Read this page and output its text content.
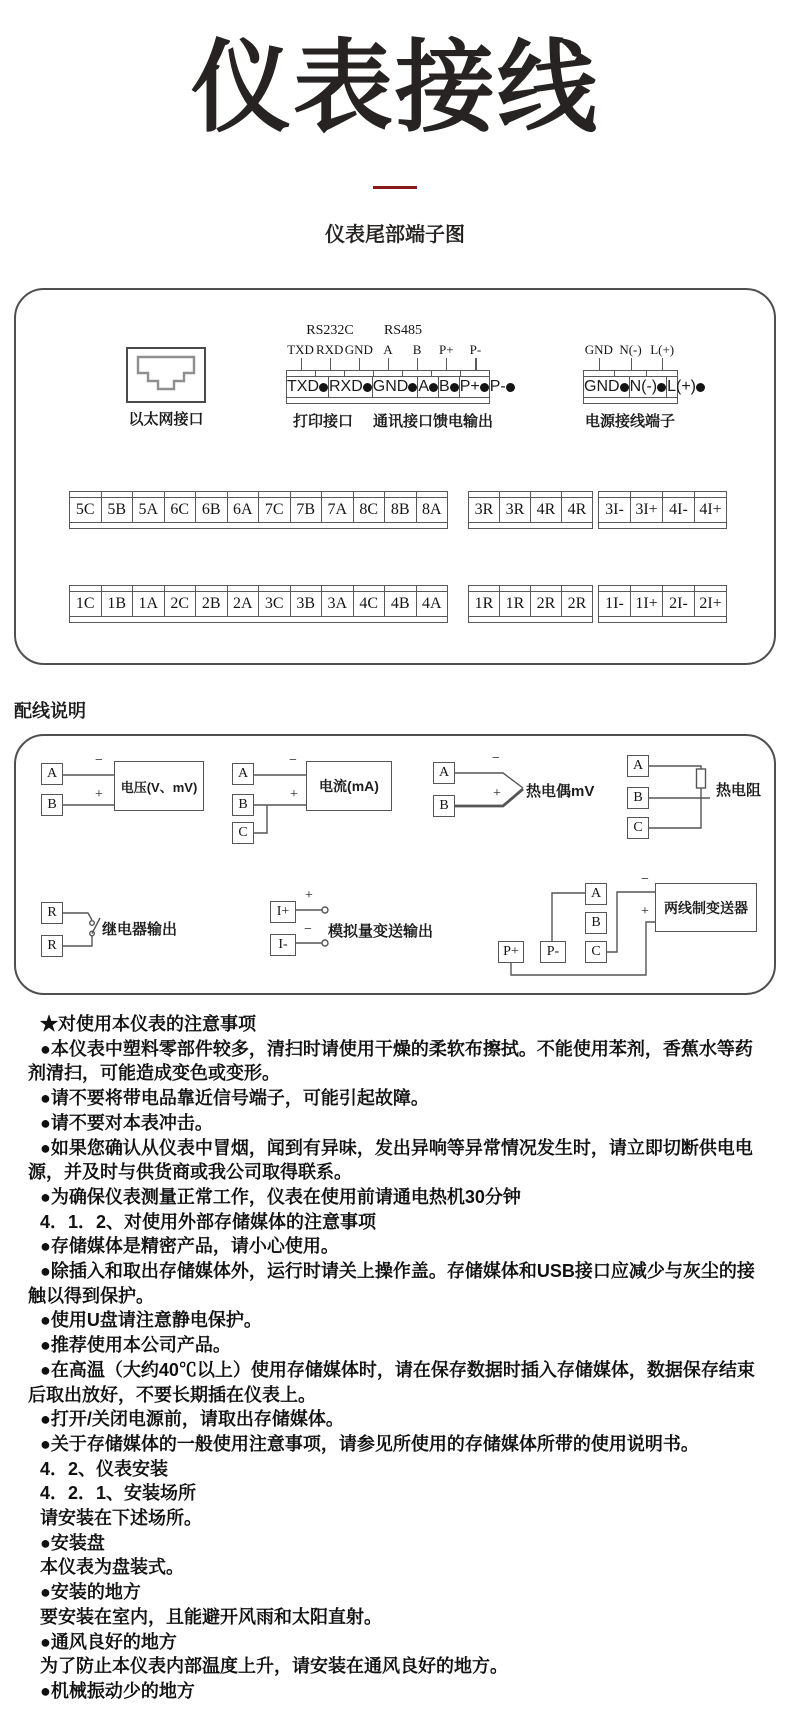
仪表接线
仪表尾部端子图
以太网接口
RS232C	RS485
TXD RXD GND A	B	P+	P-
TXD RXD GND A B P+ P-
打印接口	通讯接口 馈电输出
GND N(-) L(+)
GND N(-) L(+)
电源接线端子
5C 5B 5A 6C 6B 6A 7C 7B 7A 8C 8B 8A	3R 3R 4R 4R	3I- 3I+ 4I- 4I+
1C 1B 1A 2C 2B 2A 3C 3B 3A 4C 4B 4A	1R 1R 2R 2R	1I- 1I+ 2I- 2I+
配线说明
A
B
−
+	电压(V、mV)
A
B
C
−
+
电流(mA)
A
B
−
+	热电偶mV
A
B
C
热电阻
R
R
继电器输出
I+
I-
+
−	模拟量变送输出
A
B
C
P+	P-
−
+	两线制变送器

★对使用本仪表的注意事项

●本仪表中塑料零部件较多，清扫时请使用干燥的柔软布擦拭。不能使用苯剂，香蕉水等药剂清扫，可能造成变色或变形。

●请不要将带电品靠近信号端子，可能引起故障。

●请不要对本表冲击。

●如果您确认从仪表中冒烟，闻到有异味，发出异响等异常情况发生时，请立即切断供电电源，并及时与供货商或我公司取得联系。

●为确保仪表测量正常工作，仪表在使用前请通电热机30分钟

4．1．2、对使用外部存储媒体的注意事项

●存储媒体是精密产品，请小心使用。

●除插入和取出存储媒体外，运行时请关上操作盖。存储媒体和USB接口应减少与灰尘的接触以得到保护。

●使用U盘请注意静电保护。

●推荐使用本公司产品。

●在高温（大约40℃以上）使用存储媒体时，请在保存数据时插入存储媒体，数据保存结束后取出放好，不要长期插在仪表上。

●打开/关闭电源前，请取出存储媒体。

●关于存储媒体的一般使用注意事项，请参见所使用的存储媒体所带的使用说明书。

4．2、仪表安装

4．2．1、安装场所

请安装在下述场所。

●安装盘

本仪表为盘装式。

●安装的地方

要安装在室内，且能避开风雨和太阳直射。

●通风良好的地方

为了防止本仪表内部温度上升，请安装在通风良好的地方。

●机械振动少的地方
